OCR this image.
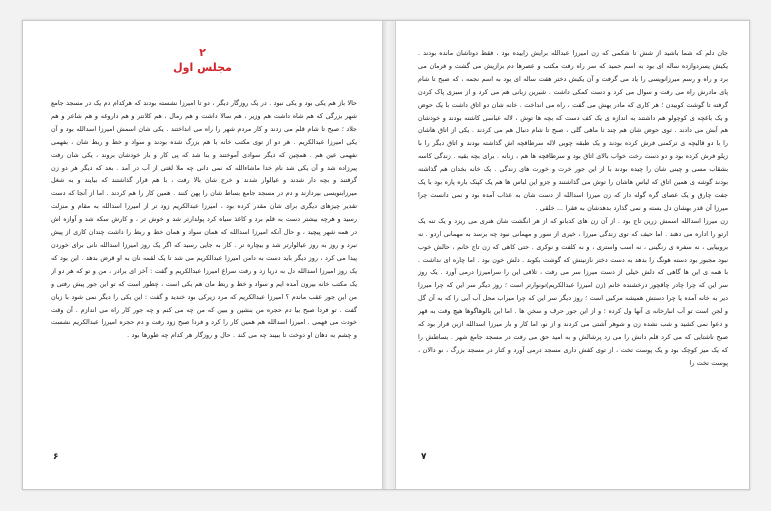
۲
مجلس اول

حالا باز هم یکی بود و یکی نبود . در یک روزگار دیگر ، دو تا امیرزا نشسته بودند که هرکدام دم یک در مسجد جامع شهر بزرگی که هم شاه داشت هم وزیر ، هم سالا داشت و هم رمال ، هم کلانتر و هم داروغه و هم شاعر و هم جلاد ؛ صبح تا شام قلم می زدند و کار مردم شهر را راه می انداختند . یکی شان اسمش امیرزا اسدالله بود و آن یکی امیرزا عبدالکریم . هر دو از توی مکتب خانه با هم بزرگ شده بودند و سواد و خط و ربط شان ، بفهمی نفهمی عین هم . همچین که دیگر سوادی آموختند و بنا شد که پی کار و بار خودشان بروند ، یکی شان رفت پیرزاده شد و آن یکی شد نام خدا ماشاءالله که نمی دانی چه ملا لغتی از آب در آمد . بعد که دیگر هر دو زن گرفتند و بچه دار شدند و عیالوار شدند و خرج شان بالا رفت ، با هم قرار گذاشتند که بیایند و به شغل میرزابنویسی بپردازند و دم در مسجد جامع بساط شان را پهن کنند . همین کار را هم کردند . اما از آنجا که دست تقدیر چیزهای دیگری برای شان مقدر کرده بود ، امیرزا عبدالکریم زود تر از امیرزا اسدالله به مقام و منزلت رسید و هرچه بیشتر دست به قلم برد و کاغذ سیاه کرد پولدارتر شد و خوش تر ، و کارش سکه شد و آوازه اش در همه شهر پیچید ، و حال آنکه امیرزا اسدالله که همان سواد و همان خط و ربط را داشت چندان کاری از پیش نبرد و روز به روز عیالوارتر شد و بیچاره تر . کار به جایی رسید که اگر یک روز امیرزا اسدالله نانی برای خوردن پیدا می کرد ، روز دیگر باید دست به دامن امیرزا عبدالکریم می شد تا یک لقمه نان به او قرض بدهد . این بود که یک روز امیرزا اسدالله دل به دریا زد و رفت سراغ امیرزا عبدالکریم و گفت : آخر ای برادر ، من و تو که هر دو از یک مکتب خانه بیرون آمده ایم و سواد و خط و ربط مان هم یکی است ، چطور است که تو این جور پیش رفتی و من این جور عقب ماندم ؟ امیرزا عبدالکریم که مرد زیرکی بود خندید و گفت : این یکی را دیگر نمی شود با زبان گفت . تو فردا صبح بیا دم حجره من بنشین و ببین که من چه می کنم و چه جور کار راه می اندازم . آن وقت خودت می فهمی . امیرزا اسدالله هم همین کار را کرد و فردا صبح زود رفت و دم حجره امیرزا عبدالکریم نشست و چشم به دهان او دوخت تا ببیند چه می کند . حال و روزگار هر کدام چه طورها بود .

۶

جان دلم که شما باشید از شش تا شکمی که زن امیرزا عبدالله برایش زاییده بود ، فقط دوتاشان مانده بودند . یکیش پسردوازده ساله ای بود به اسم حمید که سر راه رفت مکتب و عصرها دم بزازیش می گشت و فرمان می برد و راه و رسم میرزانویسی را یاد می گرفت و آن یکیش دختر هفت ساله ای بود به اسم نجمه ، که صبح تا شام پای مادرش راه می رفت و سوال می کرد و دست کمکی داشت . شیرین زبانی هم می کرد و از سبزی پاک کردن گرفته تا گوشت کوبیدن ؛ هر کاری که مادر بهش می گفت ، راه می انداخت . خانه شان دو اتاق داشت با یک حوض و یک باغچه ی کوچولو هم داشتند به اندازه ی یک کف دست که بچه ها توش ، لاله عباسی کاشته بودند و خودشان هم آبش می دادند . توی حوض شان هم چند تا ماهی گلی ، صبح تا شام دنبال هم می کردند . یکی از اتاق هاشان را با دو قالیچه ی ترکمنی فرش کرده بودند و یک طبقه چوبی لاله سرطاقچه اش گذاشته بودند و اتاق دیگر را با زیلو فرش کرده بود و دو دست رخت خواب بالای اتاق بود و سرطاقچه ها هم ، زنانه . برای بچه بقیه . زندگی کاسه بشقاب مسی و چینی شان را چیده بودند با از این جور خرت و خورت های زندگی . یک خانه بخدان هم گذاشته بودند گوشه ی همین اتاق که لباس هاشان را توش می گذاشتند و جزو این لباس ها هم یک کپنک باره پاره بود با یک جفت چارق و یک عصای گره گوله دار که زن میرزا اسدالله از دست شان به عذاب آمده بود و نمی دانست چرا میرزا آن قدر بهشان دل بسته و نمی گذارد بدهدشان به فقرا ... خلقی .

زن میرزا اسدالله اسمش زرین تاج بود . از آن زن های کدبانو که از هر انگشت شان هنری می ریزد و یک تنه یک ارتو را اداره می دهند . اما حیف که توی زندگی میرزا ، خیری از سور و مهمانی نبود چه برسد به مهمانی اردو . نه بروبیایی ، نه سفره ی رنگینی ، نه اسب واستری ، و نه کلفت و نوکری . حتی کاهی که زن تاج خانم ، حالش خوب نبود مجبور بود دسته هونگ را بدهد به دست دختر نازنینش که گوشت بکوبد . دلش خون بود . اما چاره ای نداشت . با همه ی این ها گاهی که دلش خیلی از دست میرزا سر می رفت ، تلافی این را سرامیرزا درمی آورد . یک روز سر این که چرا چادر چاقچور درخشنده خانم (زن امیرزا عبدالکریم)نونوارتر است ؛ روز دیگر سر این که چرا میرزا دیر به خانه آمده یا چرا دستش همیشه مرکبی است ؛ روز دیگر سر این که چرا میراب محل آب آبی را که به آن گل و لجن است تو آب انبارخانه ی آنها ول کرده ؛ و از این جور حرف و سخن ها . اما این بالوهاگوها هیچ وقت به قهر و دعوا نمی کشید و شب نشده زن و شوهر آشتی می کردند و از نو، اما کار و بار میرزا اسدالله ازبن قرار بود که صبح ناشتایی که می کرد قلم دانش را می زد پرشالش و به امید حق می رفت در مسجد جامع شهر . بساطش را که یک میز کوچک بود و یک پوست تخت ، از توی کفش داری مسجد درمی آورد و کنار در مسجد بزرگ ، نو دالان ، پوست تخت را

۷
